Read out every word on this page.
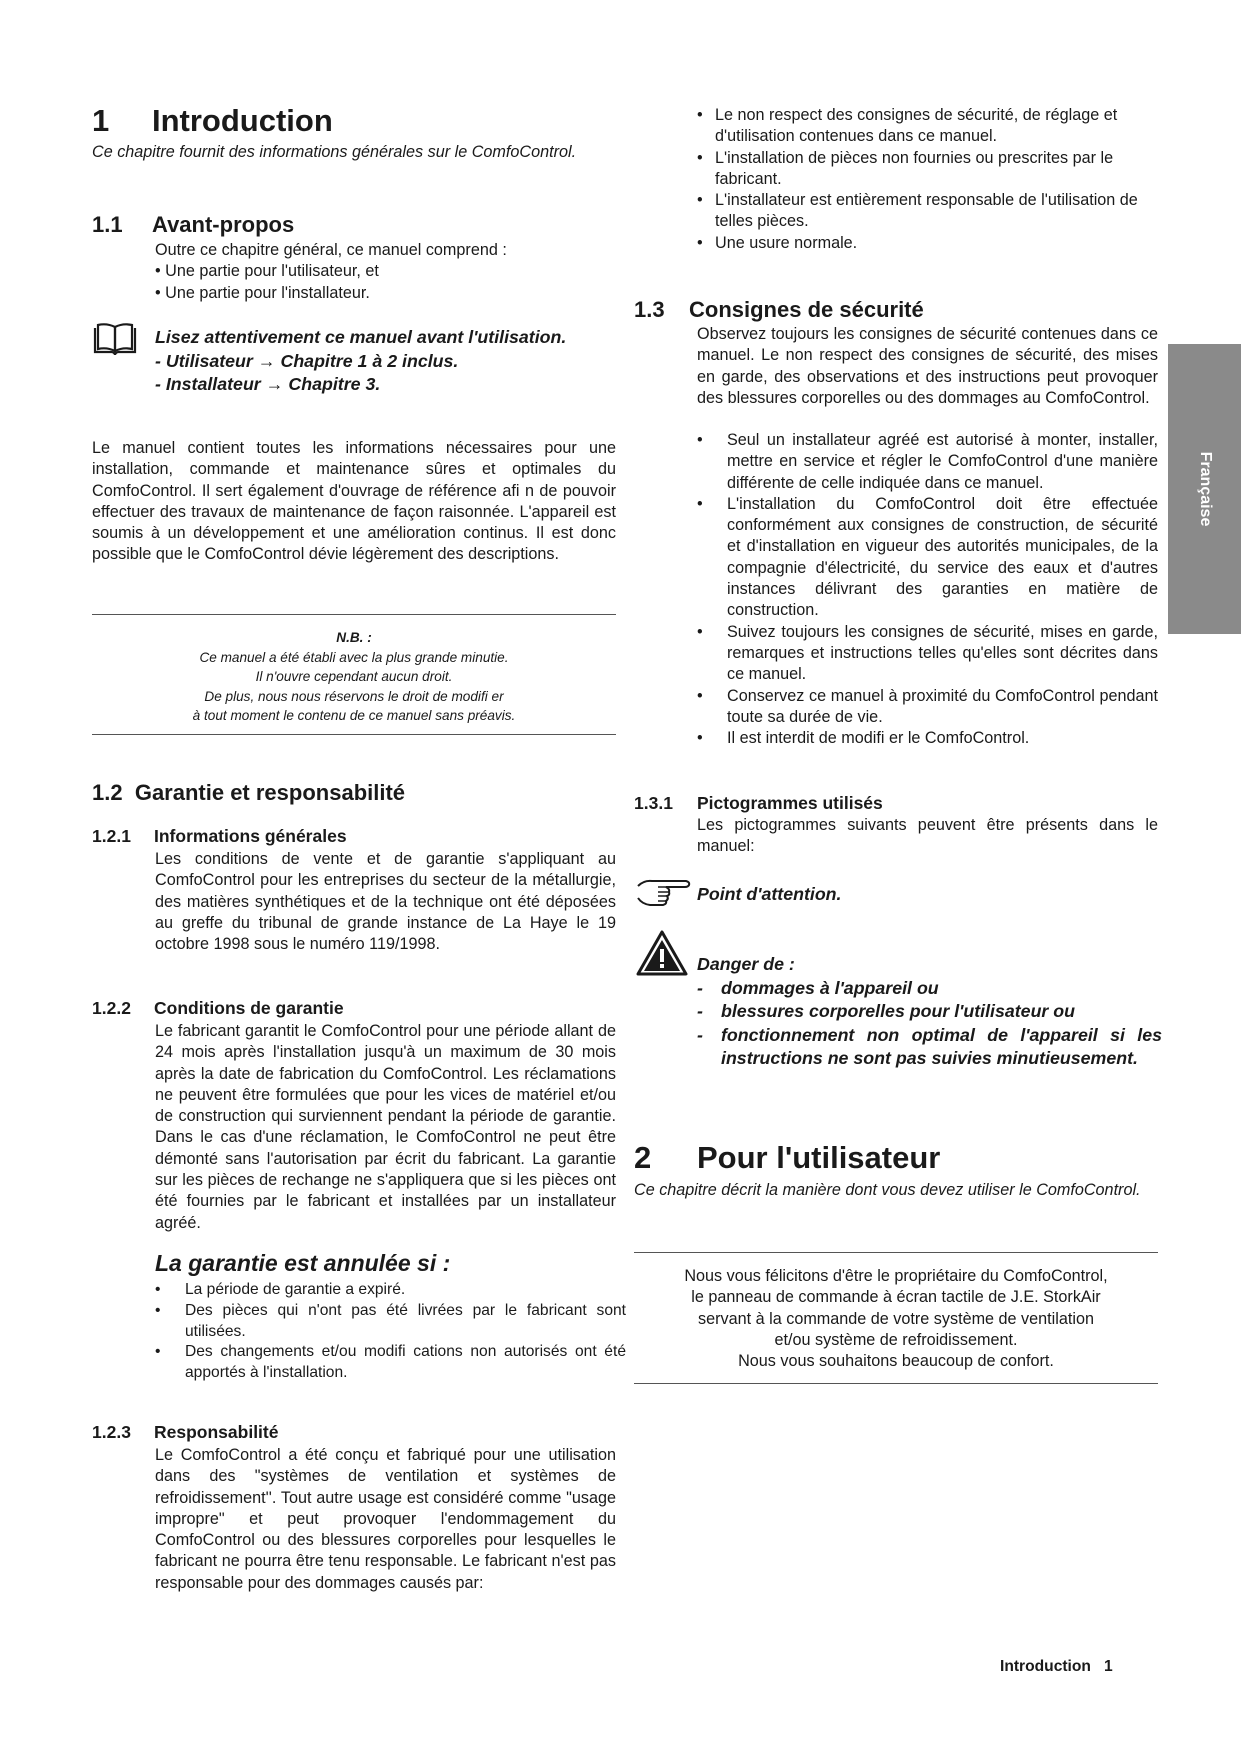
Française
1 Introduction

Ce chapitre fournit des informations générales sur le ComfoControl.

1.1 Avant-propos

Outre ce chapitre général, ce manuel comprend :

• Une partie pour l'utilisateur, et

• Une partie pour l'installateur.

Lisez attentivement ce manuel avant l'utilisation.

- Utilisateur → Chapitre 1 à 2 inclus.

- Installateur → Chapitre 3.

Le manuel contient toutes les informations nécessaires pour une installation, commande et maintenance sûres et optimales du ComfoControl. Il sert également d'ouvrage de référence afi n de pouvoir effectuer des travaux de maintenance de façon raisonnée. L'appareil est soumis à un développement et une amélioration continus. Il est donc possible que le ComfoControl dévie légèrement des descriptions.

N.B. :

Ce manuel a été établi avec la plus grande minutie.

Il n'ouvre cependant aucun droit.

De plus, nous nous réservons le droit de modifi er

à tout moment le contenu de ce manuel sans préavis.

1.2 Garantie et responsabilité
1.2.1 Informations générales

Les conditions de vente et de garantie s'appliquant au ComfoControl pour les entreprises du secteur de la métallurgie, des matières synthétiques et de la technique ont été déposées au greffe du tribunal de grande instance de La Haye le 19 octobre 1998 sous le numéro 119/1998.

1.2.2 Conditions de garantie

Le fabricant garantit le ComfoControl pour une période allant de 24 mois après l'installation jusqu'à un maximum de 30 mois après la date de fabrication du ComfoControl. Les réclamations ne peuvent être formulées que pour les vices de matériel et/ou de construction qui surviennent pendant la période de garantie. Dans le cas d'une réclamation, le ComfoControl ne peut être démonté sans l'autorisation par écrit du fabricant. La garantie sur les pièces de rechange ne s'appliquera que si les pièces ont été fournies par le fabricant et installées par un installateur agréé.

La garantie est annulée si :
• La période de garantie a expiré.
• Des pièces qui n'ont pas été livrées par le fabricant sont utilisées.
• Des changements et/ou modifi cations non autorisés ont été apportés à l'installation.
1.2.3 Responsabilité

Le ComfoControl a été conçu et fabriqué pour une utilisation dans des "systèmes de ventilation et systèmes de refroidissement''. Tout autre usage est considéré comme "usage impropre" et peut provoquer l'endommagement du ComfoControl ou des blessures corporelles pour lesquelles le fabricant ne pourra être tenu responsable. Le fabricant n'est pas responsable pour des dommages causés par:

• Le non respect des consignes de sécurité, de réglage et d'utilisation contenues dans ce manuel.
• L'installation de pièces non fournies ou prescrites par le fabricant.
• L'installateur est entièrement responsable de l'utilisation de telles pièces.
• Une usure normale.
1.3 Consignes de sécurité

Observez toujours les consignes de sécurité contenues dans ce manuel. Le non respect des consignes de sécurité, des mises en garde, des observations et des instructions peut provoquer des blessures corporelles ou des dommages au ComfoControl.

• Seul un installateur agréé est autorisé à monter, installer, mettre en service et régler le ComfoControl d'une manière différente de celle indiquée dans ce manuel.
• L'installation du ComfoControl doit être effectuée conformément aux consignes de construction, de sécurité et d'installation en vigueur des autorités municipales, de la compagnie d'électricité, du service des eaux et d'autres instances délivrant des garanties en matière de construction.
• Suivez toujours les consignes de sécurité, mises en garde, remarques et instructions telles qu'elles sont décrites dans ce manuel.
• Conservez ce manuel à proximité du ComfoControl pendant toute sa durée de vie.
• Il est interdit de modifi er le ComfoControl.
1.3.1 Pictogrammes utilisés

Les pictogrammes suivants peuvent être présents dans le manuel:

Point d'attention.

Danger de :

- dommages à l'appareil ou
- blessures corporelles pour l'utilisateur ou
- fonctionnement non optimal de l'appareil si les instructions ne sont pas suivies minutieusement.
2 Pour l'utilisateur

Ce chapitre décrit la manière dont vous devez utiliser le ComfoControl.

Nous vous félicitons d'être le propriétaire du ComfoControl,

le panneau de commande à écran tactile de J.E. StorkAir

servant à la commande de votre système de ventilation

et/ou système de refroidissement.

Nous vous souhaitons beaucoup de confort.

Introduction 1
